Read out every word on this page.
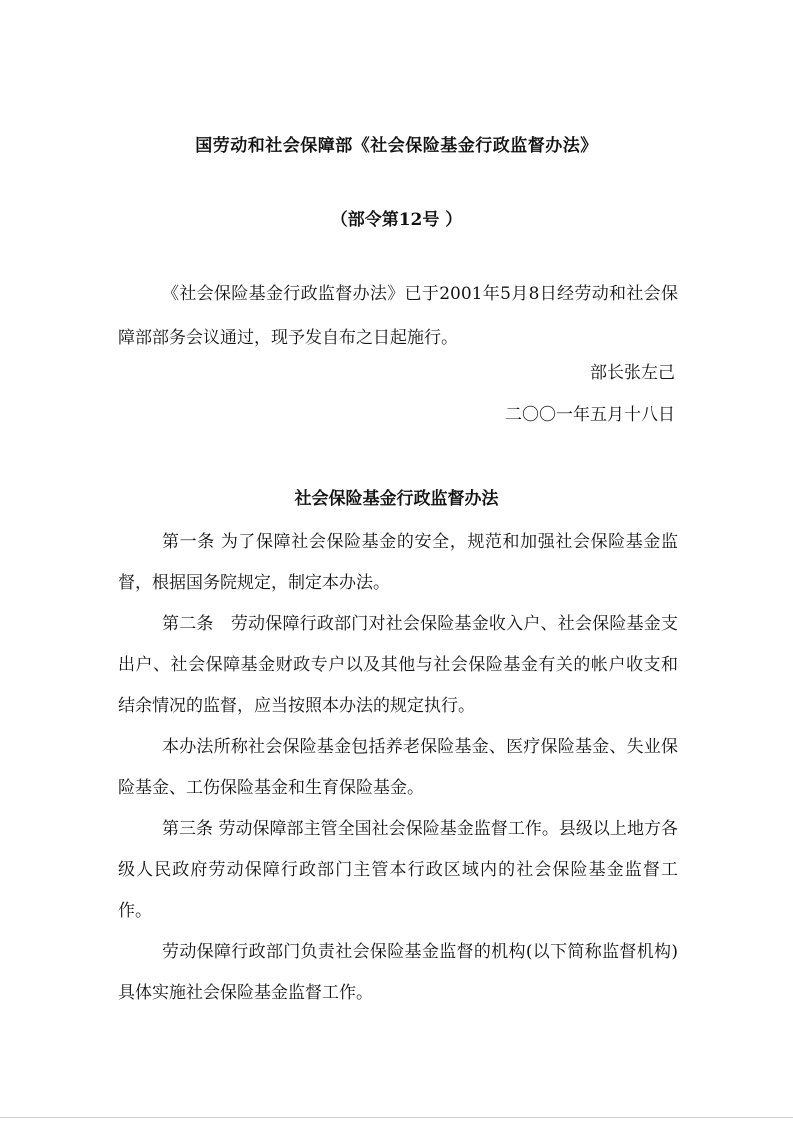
国劳动和社会保障部《社会保险基金行政监督办法》
（部令第12号 ）

《社会保险基金行政监督办法》已于2001年5月8日经劳动和社会保障部部务会议通过，现予发自布之日起施行。

部长张左己
二〇〇一年五月十八日
社会保险基金行政监督办法

第一条 为了保障社会保险基金的安全，规范和加强社会保险基金监督，根据国务院规定，制定本办法。

第二条　劳动保障行政部门对社会保险基金收入户、社会保险基金支出户、社会保障基金财政专户以及其他与社会保险基金有关的帐户收支和结余情况的监督，应当按照本办法的规定执行。

本办法所称社会保险基金包括养老保险基金、医疗保险基金、失业保险基金、工伤保险基金和生育保险基金。

第三条 劳动保障部主管全国社会保险基金监督工作。县级以上地方各级人民政府劳动保障行政部门主管本行政区域内的社会保险基金监督工作。

劳动保障行政部门负责社会保险基金监督的机构(以下简称监督机构)具体实施社会保险基金监督工作。
